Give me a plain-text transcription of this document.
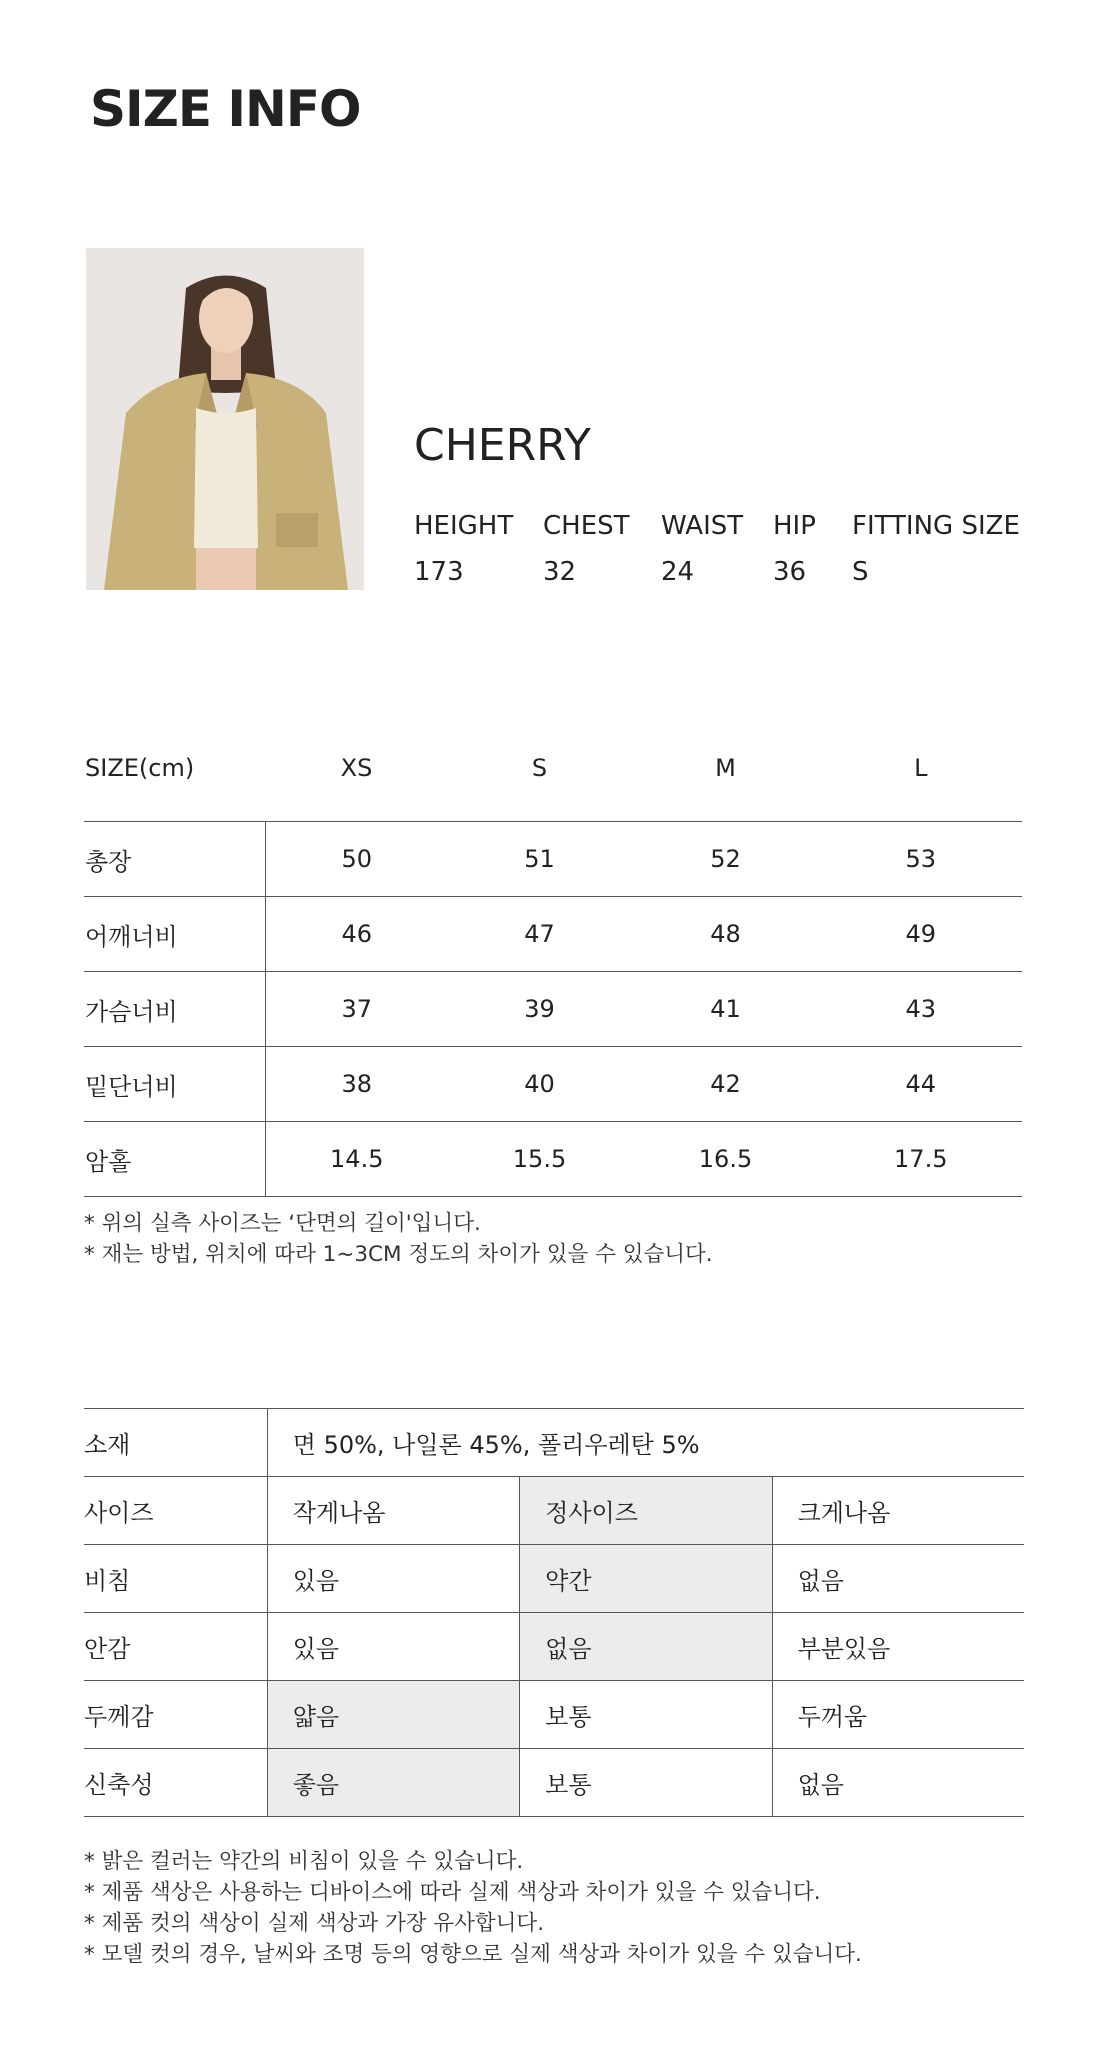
SIZE INFO
CHERRY
HEIGHT	CHEST	WAIST	HIP	FITTING SIZE
173	32	24	36	S
SIZE(cm)	XS	S	M	L
총장	50	51	52	53
어깨너비	46	47	48	49
가슴너비	37	39	41	43
밑단너비	38	40	42	44
암홀	14.5	15.5	16.5	17.5
* 위의 실측 사이즈는 ‘단면의 길이'입니다.
* 재는 방법, 위치에 따라 1~3CM 정도의 차이가 있을 수 있습니다.
소재	면 50%, 나일론 45%, 폴리우레탄 5%		
사이즈	작게나옴	정사이즈	크게나옴
비침	있음	약간	없음
안감	있음	없음	부분있음
두께감	얇음	보통	두꺼움
신축성	좋음	보통	없음
* 밝은 컬러는 약간의 비침이 있을 수 있습니다.
* 제품 색상은 사용하는 디바이스에 따라 실제 색상과 차이가 있을 수 있습니다.
* 제품 컷의 색상이 실제 색상과 가장 유사합니다.
* 모델 컷의 경우, 날씨와 조명 등의 영향으로 실제 색상과 차이가 있을 수 있습니다.
